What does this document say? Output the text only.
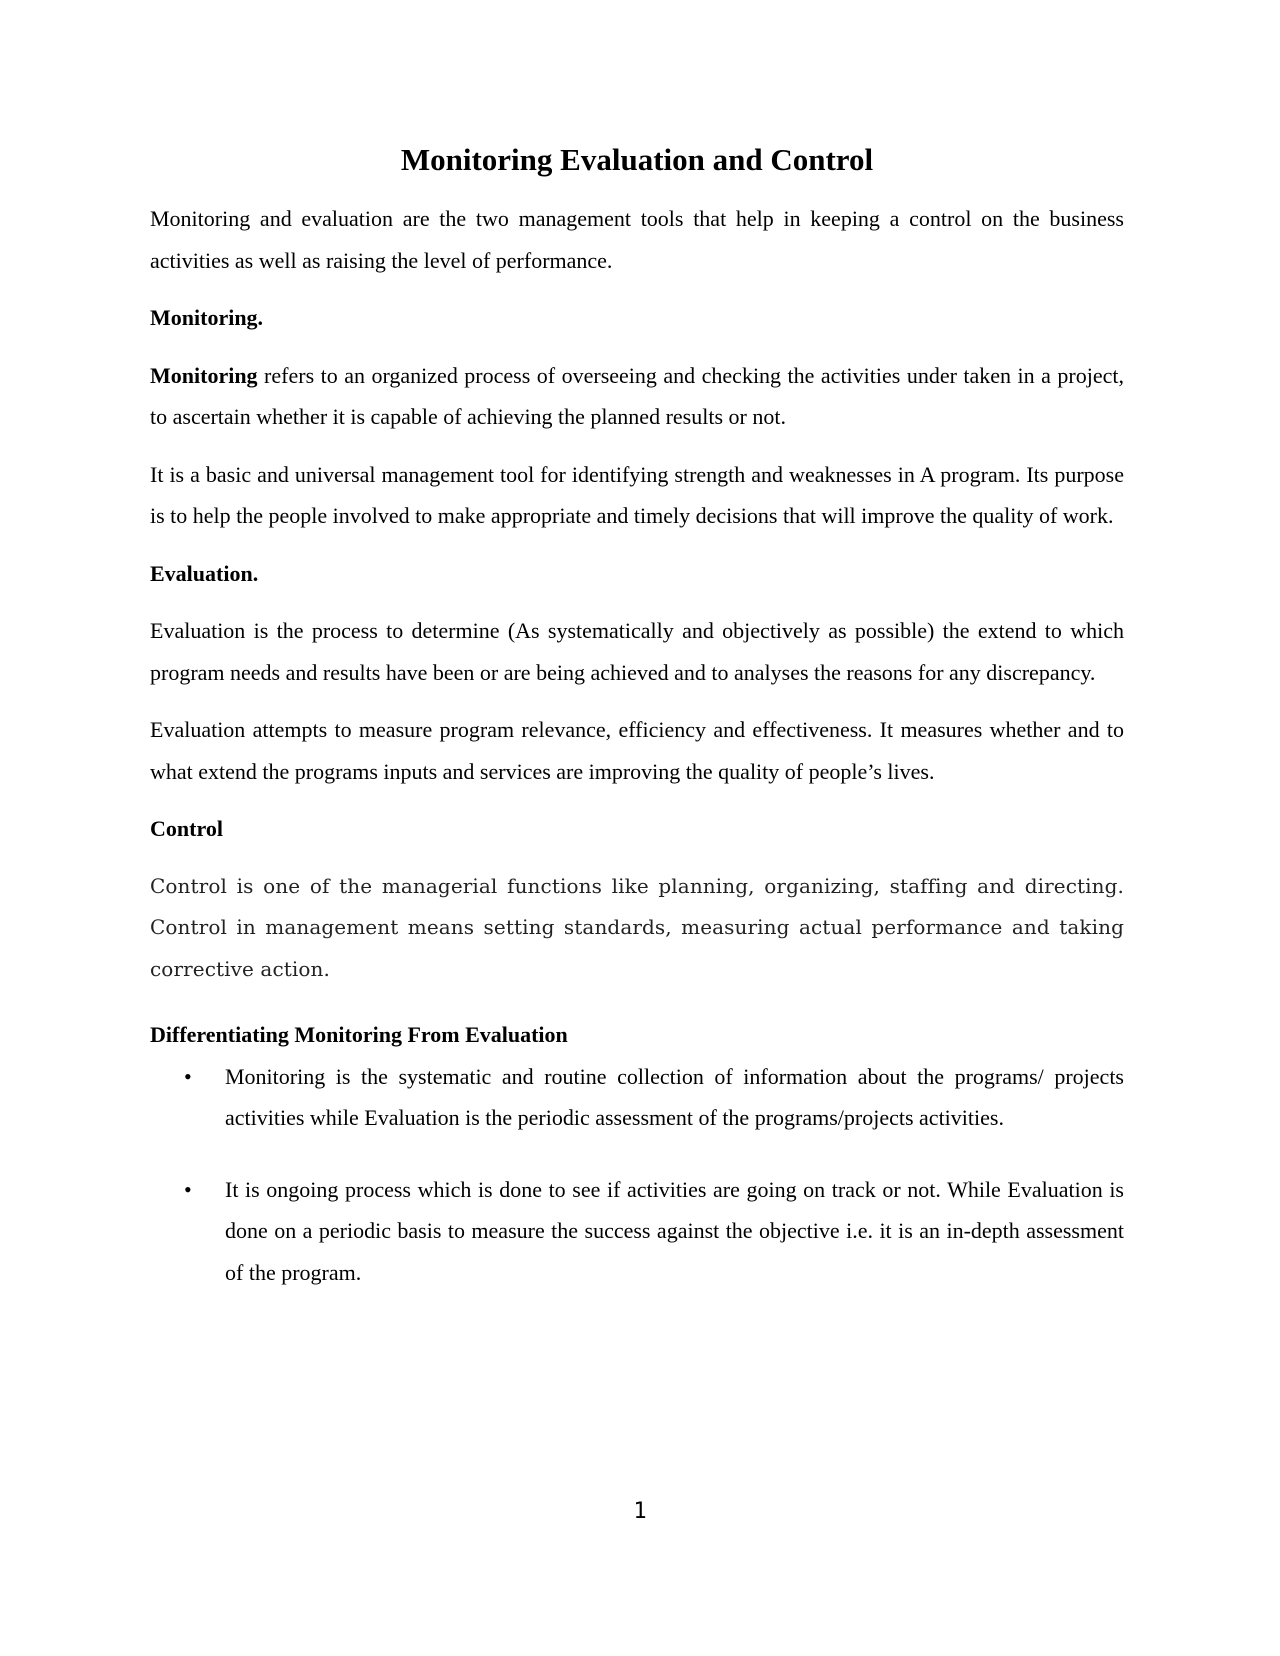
Monitoring Evaluation and Control

Monitoring and evaluation are the two management tools that help in keeping a control on the business activities as well as raising the level of performance.

Monitoring.

Monitoring refers to an organized process of overseeing and checking the activities under taken in a project, to ascertain whether it is capable of achieving the planned results or not.

It is a basic and universal management tool for identifying strength and weaknesses in A program. Its purpose is to help the people involved to make appropriate and timely decisions that will improve the quality of work.

Evaluation.

Evaluation is the process to determine (As systematically and objectively as possible) the extend to which program needs and results have been or are being achieved and to analyses the reasons for any discrepancy.

Evaluation attempts to measure program relevance, efficiency and effectiveness. It measures whether and to what extend the programs inputs and services are improving the quality of people’s lives.

Control

Control is one of the managerial functions like planning, organizing, staffing and directing. Control in management means setting standards, measuring actual performance and taking corrective action.

Differentiating Monitoring From Evaluation
• Monitoring is the systematic and routine collection of information about the programs/ projects activities while Evaluation is the periodic assessment of the programs/projects activities.
• It is ongoing process which is done to see if activities are going on track or not. While Evaluation is done on a periodic basis to measure the success against the objective i.e. it is an in-depth assessment of the program.
1
